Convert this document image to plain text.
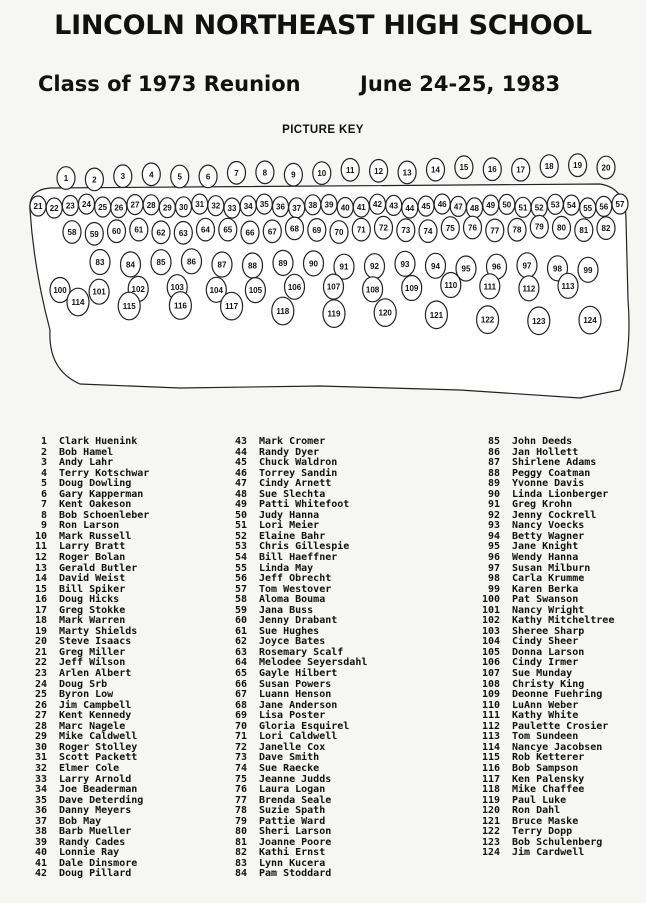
LINCOLN NORTHEAST HIGH SCHOOL
Class of 1973 Reunion	June 24-25, 1983
PICTURE KEY
1	2	3	4	5	6	7	8	9	10 11 12 13 14 15 16 17 18 19 20
21 22 23 24 25 26 27 28 29 30 31 32 33 34 35 36 37 38 39 40 41 42 43 44 45 46 47 48 49 50 51 52 53 54 55 56 57
58 59 60 61 62 63 64 65 66 67 68 69 70 71 72 73 74 75 76 77 78 79 80 81 82
83	84	85	86	87	88	89	90	91	92	93	94	95	96	97	98	99
100	101	102	103	104	105	106	107	108	109	110	111	112	113
114	115	116	117
118	119	120	121
122	123	124
1 Clark Huenink
2 Bob Hamel
3 Andy Lahr
4 Terry Kotschwar
5 Doug Dowling
6 Gary Kapperman
7 Kent Oakeson
8 Bob Schoenleber
9 Ron Larson
10 Mark Russell
11 Larry Bratt
12 Roger Bolan
13 Gerald Butler
14 David Weist
15 Bill Spiker
16 Doug Hicks
17 Greg Stokke
18 Mark Warren
19 Marty Shields
20 Steve Isaacs
21 Greg Miller
22 Jeff Wilson
23 Arlen Albert
24 Doug Srb
25 Byron Low
26 Jim Campbell
27 Kent Kennedy
28 Marc Nagele
29 Mike Caldwell
30 Roger Stolley
31 Scott Packett
32 Elmer Cole
33 Larry Arnold
34 Joe Beaderman
35 Dave Deterding
36 Danny Meyers
37 Bob May
38 Barb Mueller
39 Randy Cades
40 Lonnie Ray
41 Dale Dinsmore
42 Doug Pillard
43 Mark Cromer
44 Randy Dyer
45 Chuck Waldron
46 Torrey Sandin
47 Cindy Arnett
48 Sue Slechta
49 Patti Whitefoot
50 Judy Hanna
51 Lori Meier
52 Elaine Bahr
53 Chris Gillespie
54 Bill Haeffner
55 Linda May
56 Jeff Obrecht
57 Tom Westover
58 Aloma Bouma
59 Jana Buss
60 Jenny Drabant
61 Sue Hughes
62 Joyce Bates
63 Rosemary Scalf
64 Melodee Seyersdahl
65 Gayle Hilbert
66 Susan Powers
67 Luann Henson
68 Jane Anderson
69 Lisa Poster
70 Gloria Esquirel
71 Lori Caldwell
72 Janelle Cox
73 Dave Smith
74 Sue Raecke
75 Jeanne Judds
76 Laura Logan
77 Brenda Seale
78 Suzie Spath
79 Pattie Ward
80 Sheri Larson
81 Joanne Poore
82 Kathi Ernst
83 Lynn Kucera
84 Pam Stoddard
85 John Deeds
86 Jan Hollett
87 Shirlene Adams
88 Peggy Coatman
89 Yvonne Davis
90 Linda Lionberger
91 Greg Krohn
92 Jenny Cockrell
93 Nancy Voecks
94 Betty Wagner
95 Jane Knight
96 Wendy Hanna
97 Susan Milburn
98 Carla Krumme
99 Karen Berka
100 Pat Swanson
101 Nancy Wright
102 Kathy Mitcheltree
103 Sheree Sharp
104 Cindy Sheer
105 Donna Larson
106 Cindy Irmer
107 Sue Munday
108 Christy King
109 Deonne Fuehring
110 LuAnn Weber
111 Kathy White
112 Paulette Crosier
113 Tom Sundeen
114 Nancye Jacobsen
115 Rob Ketterer
116 Bob Sampson
117 Ken Palensky
118 Mike Chaffee
119 Paul Luke
120 Ron Dahl
121 Bruce Maske
122 Terry Dopp
123 Bob Schulenberg
124 Jim Cardwell
